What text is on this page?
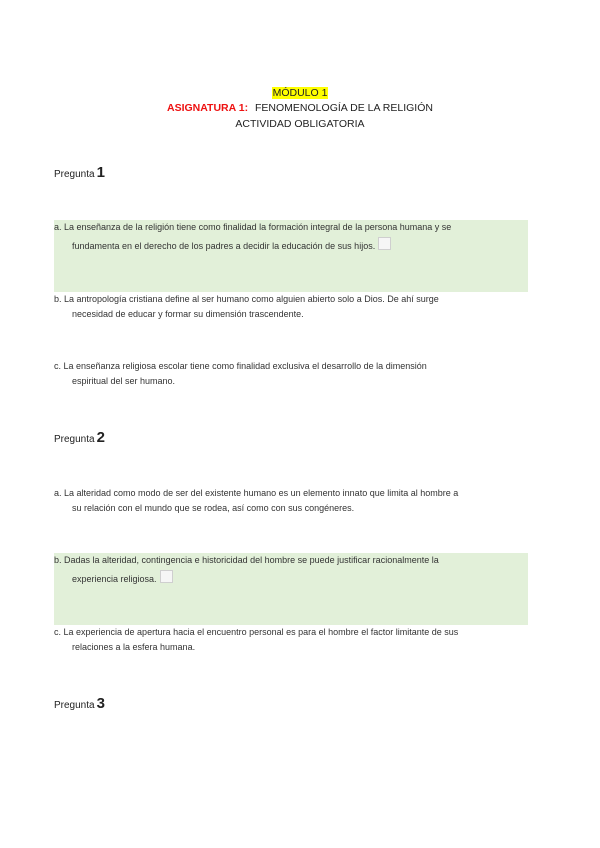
MÓDULO 1
ASIGNATURA 1: FENOMENOLOGÍA DE LA RELIGIÓN
ACTIVIDAD OBLIGATORIA
Pregunta 1
a. La enseñanza de la religión tiene como finalidad la formación integral de la persona humana y se
fundamenta en el derecho de los padres a decidir la educación de sus hijos.
b. La antropología cristiana define al ser humano como alguien abierto solo a Dios. De ahí surge
necesidad de educar y formar su dimensión trascendente.
c. La enseñanza religiosa escolar tiene como finalidad exclusiva el desarrollo de la dimensión
espiritual del ser humano.
Pregunta 2
a. La alteridad como modo de ser del existente humano es un elemento innato que limita al hombre a
su relación con el mundo que se rodea, así como con sus congéneres.
b. Dadas la alteridad, contingencia e historicidad del hombre se puede justificar racionalmente la
experiencia religiosa.
c. La experiencia de apertura hacia el encuentro personal es para el hombre el factor limitante de sus
relaciones a la esfera humana.
Pregunta 3
